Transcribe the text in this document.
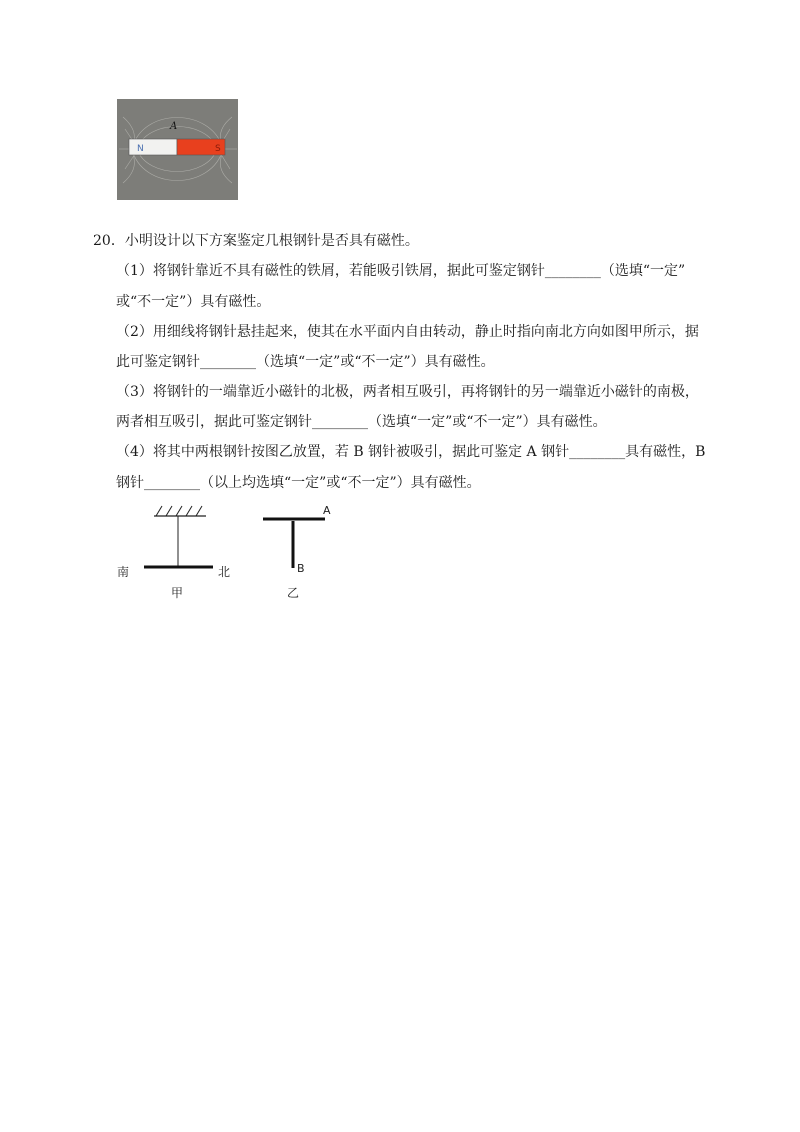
N	S
A
20．小明设计以下方案鉴定几根钢针是否具有磁性。
（1）将钢针靠近不具有磁性的铁屑，若能吸引铁屑，据此可鉴定钢针________（选填“一定”
或“不一定”）具有磁性。
（2）用细线将钢针悬挂起来，使其在水平面内自由转动，静止时指向南北方向如图甲所示，据
此可鉴定钢针________（选填“一定”或“不一定”）具有磁性。
（3）将钢针的一端靠近小磁针的北极，两者相互吸引，再将钢针的另一端靠近小磁针的南极，
两者相互吸引，据此可鉴定钢针________（选填“一定”或“不一定”）具有磁性。
（4）将其中两根钢针按图乙放置，若 B 钢针被吸引，据此可鉴定 A 钢针________具有磁性，B
钢针________（以上均选填“一定”或“不一定”）具有磁性。
南	北
甲
A
B
乙
